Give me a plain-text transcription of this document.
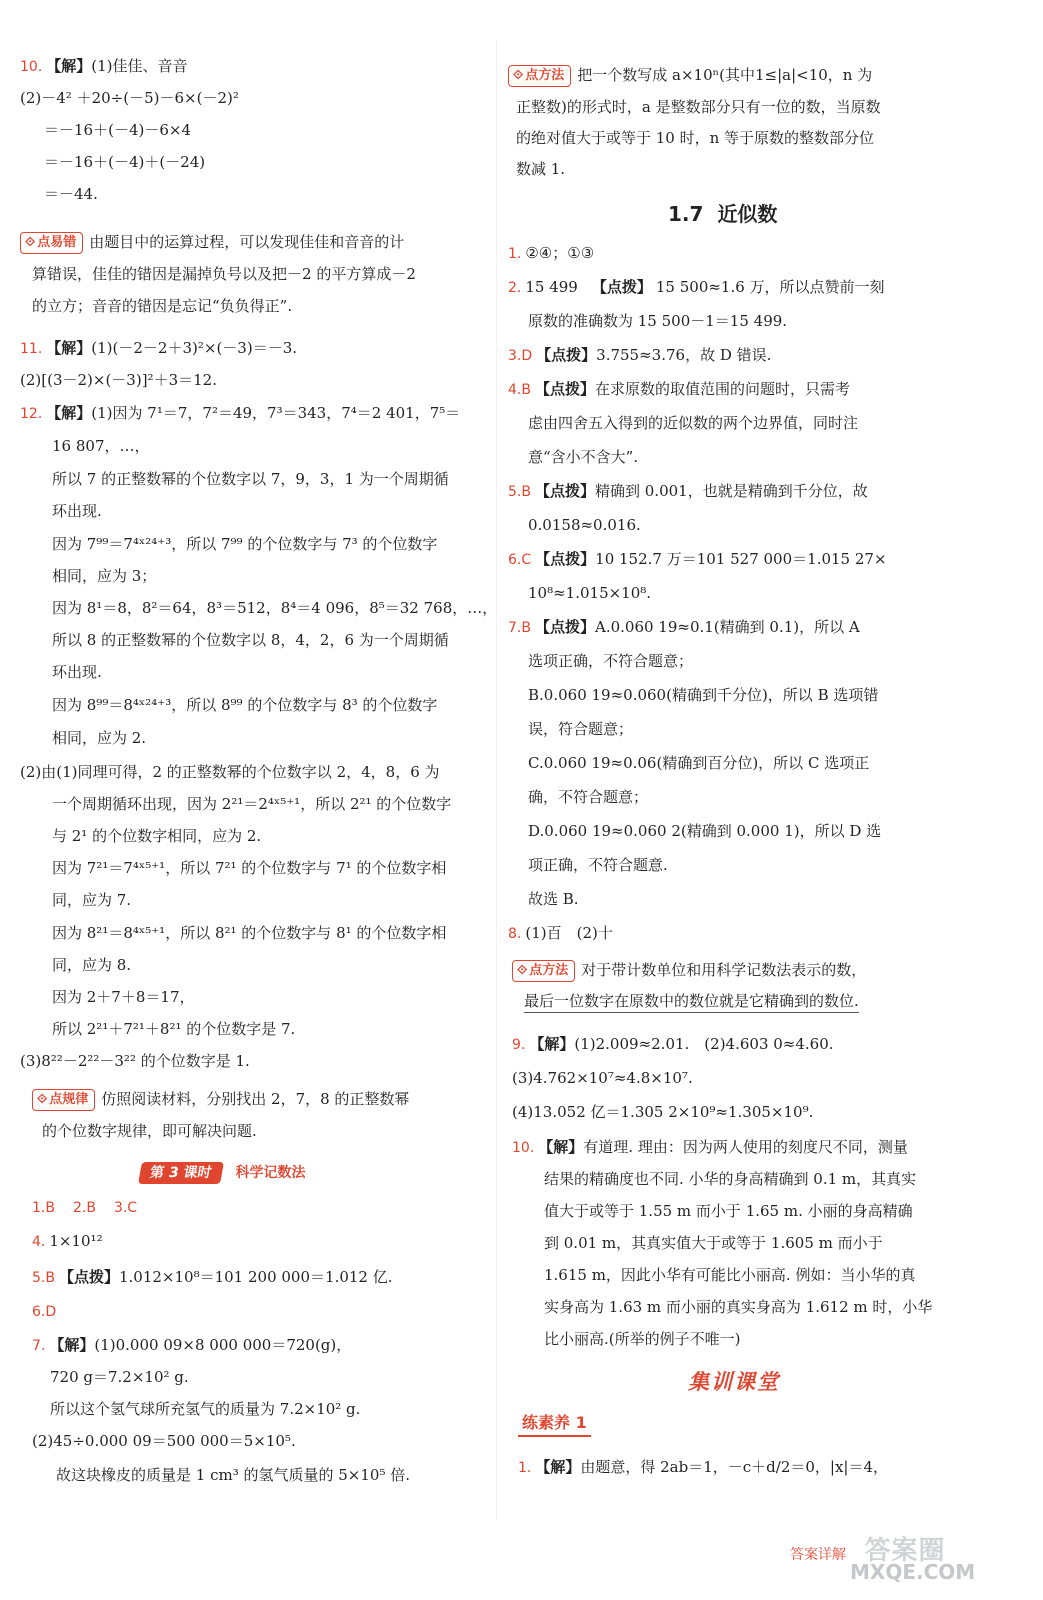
10. 【解】(1)佳佳、音音
(2)－4² ＋20÷(－5)－6×(－2)²
＝－16＋(－4)－6×4
＝－16＋(－4)＋(－24)
＝－44.
⟐ 点易错 由题目中的运算过程，可以发现佳佳和音音的计
算错误，佳佳的错因是漏掉负号以及把－2 的平方算成－2
的立方；音音的错因是忘记“负负得正”.
11. 【解】(1)(－2－2＋3)²×(－3)＝－3.
(2)[(3－2)×(－3)]²＋3＝12.
12. 【解】(1)因为 7¹＝7，7²＝49，7³＝343，7⁴＝2 401，7⁵＝
16 807，…，
所以 7 的正整数幂的个位数字以 7，9，3，1 为一个周期循
环出现.
因为 7⁹⁹＝7⁴ˣ²⁴⁺³，所以 7⁹⁹ 的个位数字与 7³ 的个位数字
相同，应为 3；
因为 8¹＝8，8²＝64，8³＝512，8⁴＝4 096，8⁵＝32 768，…，
所以 8 的正整数幂的个位数字以 8，4，2，6 为一个周期循
环出现.
因为 8⁹⁹＝8⁴ˣ²⁴⁺³，所以 8⁹⁹ 的个位数字与 8³ 的个位数字
相同，应为 2.
(2)由(1)同理可得，2 的正整数幂的个位数字以 2，4，8，6 为
一个周期循环出现，因为 2²¹＝2⁴ˣ⁵⁺¹，所以 2²¹ 的个位数字
与 2¹ 的个位数字相同，应为 2.
因为 7²¹＝7⁴ˣ⁵⁺¹，所以 7²¹ 的个位数字与 7¹ 的个位数字相
同，应为 7.
因为 8²¹＝8⁴ˣ⁵⁺¹，所以 8²¹ 的个位数字与 8¹ 的个位数字相
同，应为 8.
因为 2＋7＋8＝17，
所以 2²¹＋7²¹＋8²¹ 的个位数字是 7.
(3)8²²－2²²－3²² 的个位数字是 1.
⟐ 点规律 仿照阅读材料，分别找出 2，7，8 的正整数幂
的个位数字规律，即可解决问题.
1.B 2.B 3.C
4. 1×10¹²
5.B 【点拨】1.012×10⁸＝101 200 000＝1.012 亿.
6.D
7. 【解】(1)0.000 09×8 000 000＝720(g)，
720 g＝7.2×10² g.
所以这个氢气球所充氢气的质量为 7.2×10² g.
(2)45÷0.000 09＝500 000＝5×10⁵.
故这块橡皮的质量是 1 cm³ 的氢气质量的 5×10⁵ 倍.
1.7 近似数
集训课堂
练素养 1
⟐ 点方法 把一个数写成 a×10ⁿ(其中1≤|a|<10，n 为
正整数)的形式时，a 是整数部分只有一位的数，当原数
的绝对值大于或等于 10 时，n 等于原数的整数部分位
数减 1.
1. ②④；①③
2. 15 499 【点拨】 15 500≈1.6 万，所以点赞前一刻
原数的准确数为 15 500－1＝15 499.
3.D 【点拨】3.755≈3.76，故 D 错误.
4.B 【点拨】在求原数的取值范围的问题时，只需考
虑由四舍五入得到的近似数的两个边界值，同时注
意“含小不含大”.
5.B 【点拨】精确到 0.001，也就是精确到千分位，故
0.0158≈0.016.
6.C 【点拨】10 152.7 万＝101 527 000＝1.015 27×
10⁸≈1.015×10⁸.
7.B 【点拨】A.0.060 19≈0.1(精确到 0.1)，所以 A
选项正确，不符合题意；
B.0.060 19≈0.060(精确到千分位)，所以 B 选项错
误，符合题意；
C.0.060 19≈0.06(精确到百分位)，所以 C 选项正
确，不符合题意；
D.0.060 19≈0.060 2(精确到 0.000 1)，所以 D 选
项正确，不符合题意.
故选 B.
8. (1)百　(2)十
⟐ 点方法 对于带计数单位和用科学记数法表示的数，
最后一位数字在原数中的数位就是它精确到的数位.
9. 【解】(1)2.009≈2.01.　(2)4.603 0≈4.60.
(3)4.762×10⁷≈4.8×10⁷.
(4)13.052 亿＝1.305 2×10⁹≈1.305×10⁹.
10. 【解】有道理. 理由：因为两人使用的刻度尺不同，测量
结果的精确度也不同. 小华的身高精确到 0.1 m，其真实
值大于或等于 1.55 m 而小于 1.65 m. 小丽的身高精确
到 0.01 m，其真实值大于或等于 1.605 m 而小于
1.615 m，因此小华有可能比小丽高. 例如：当小华的真
实身高为 1.63 m 而小丽的真实身高为 1.612 m 时，小华
比小丽高.(所举的例子不唯一)
1. 【解】由题意，得 2ab＝1，－c＋d/2＝0，|x|＝4，
第 3 课时 科学记数法
答案详解 答案圈
MXQE.COM
